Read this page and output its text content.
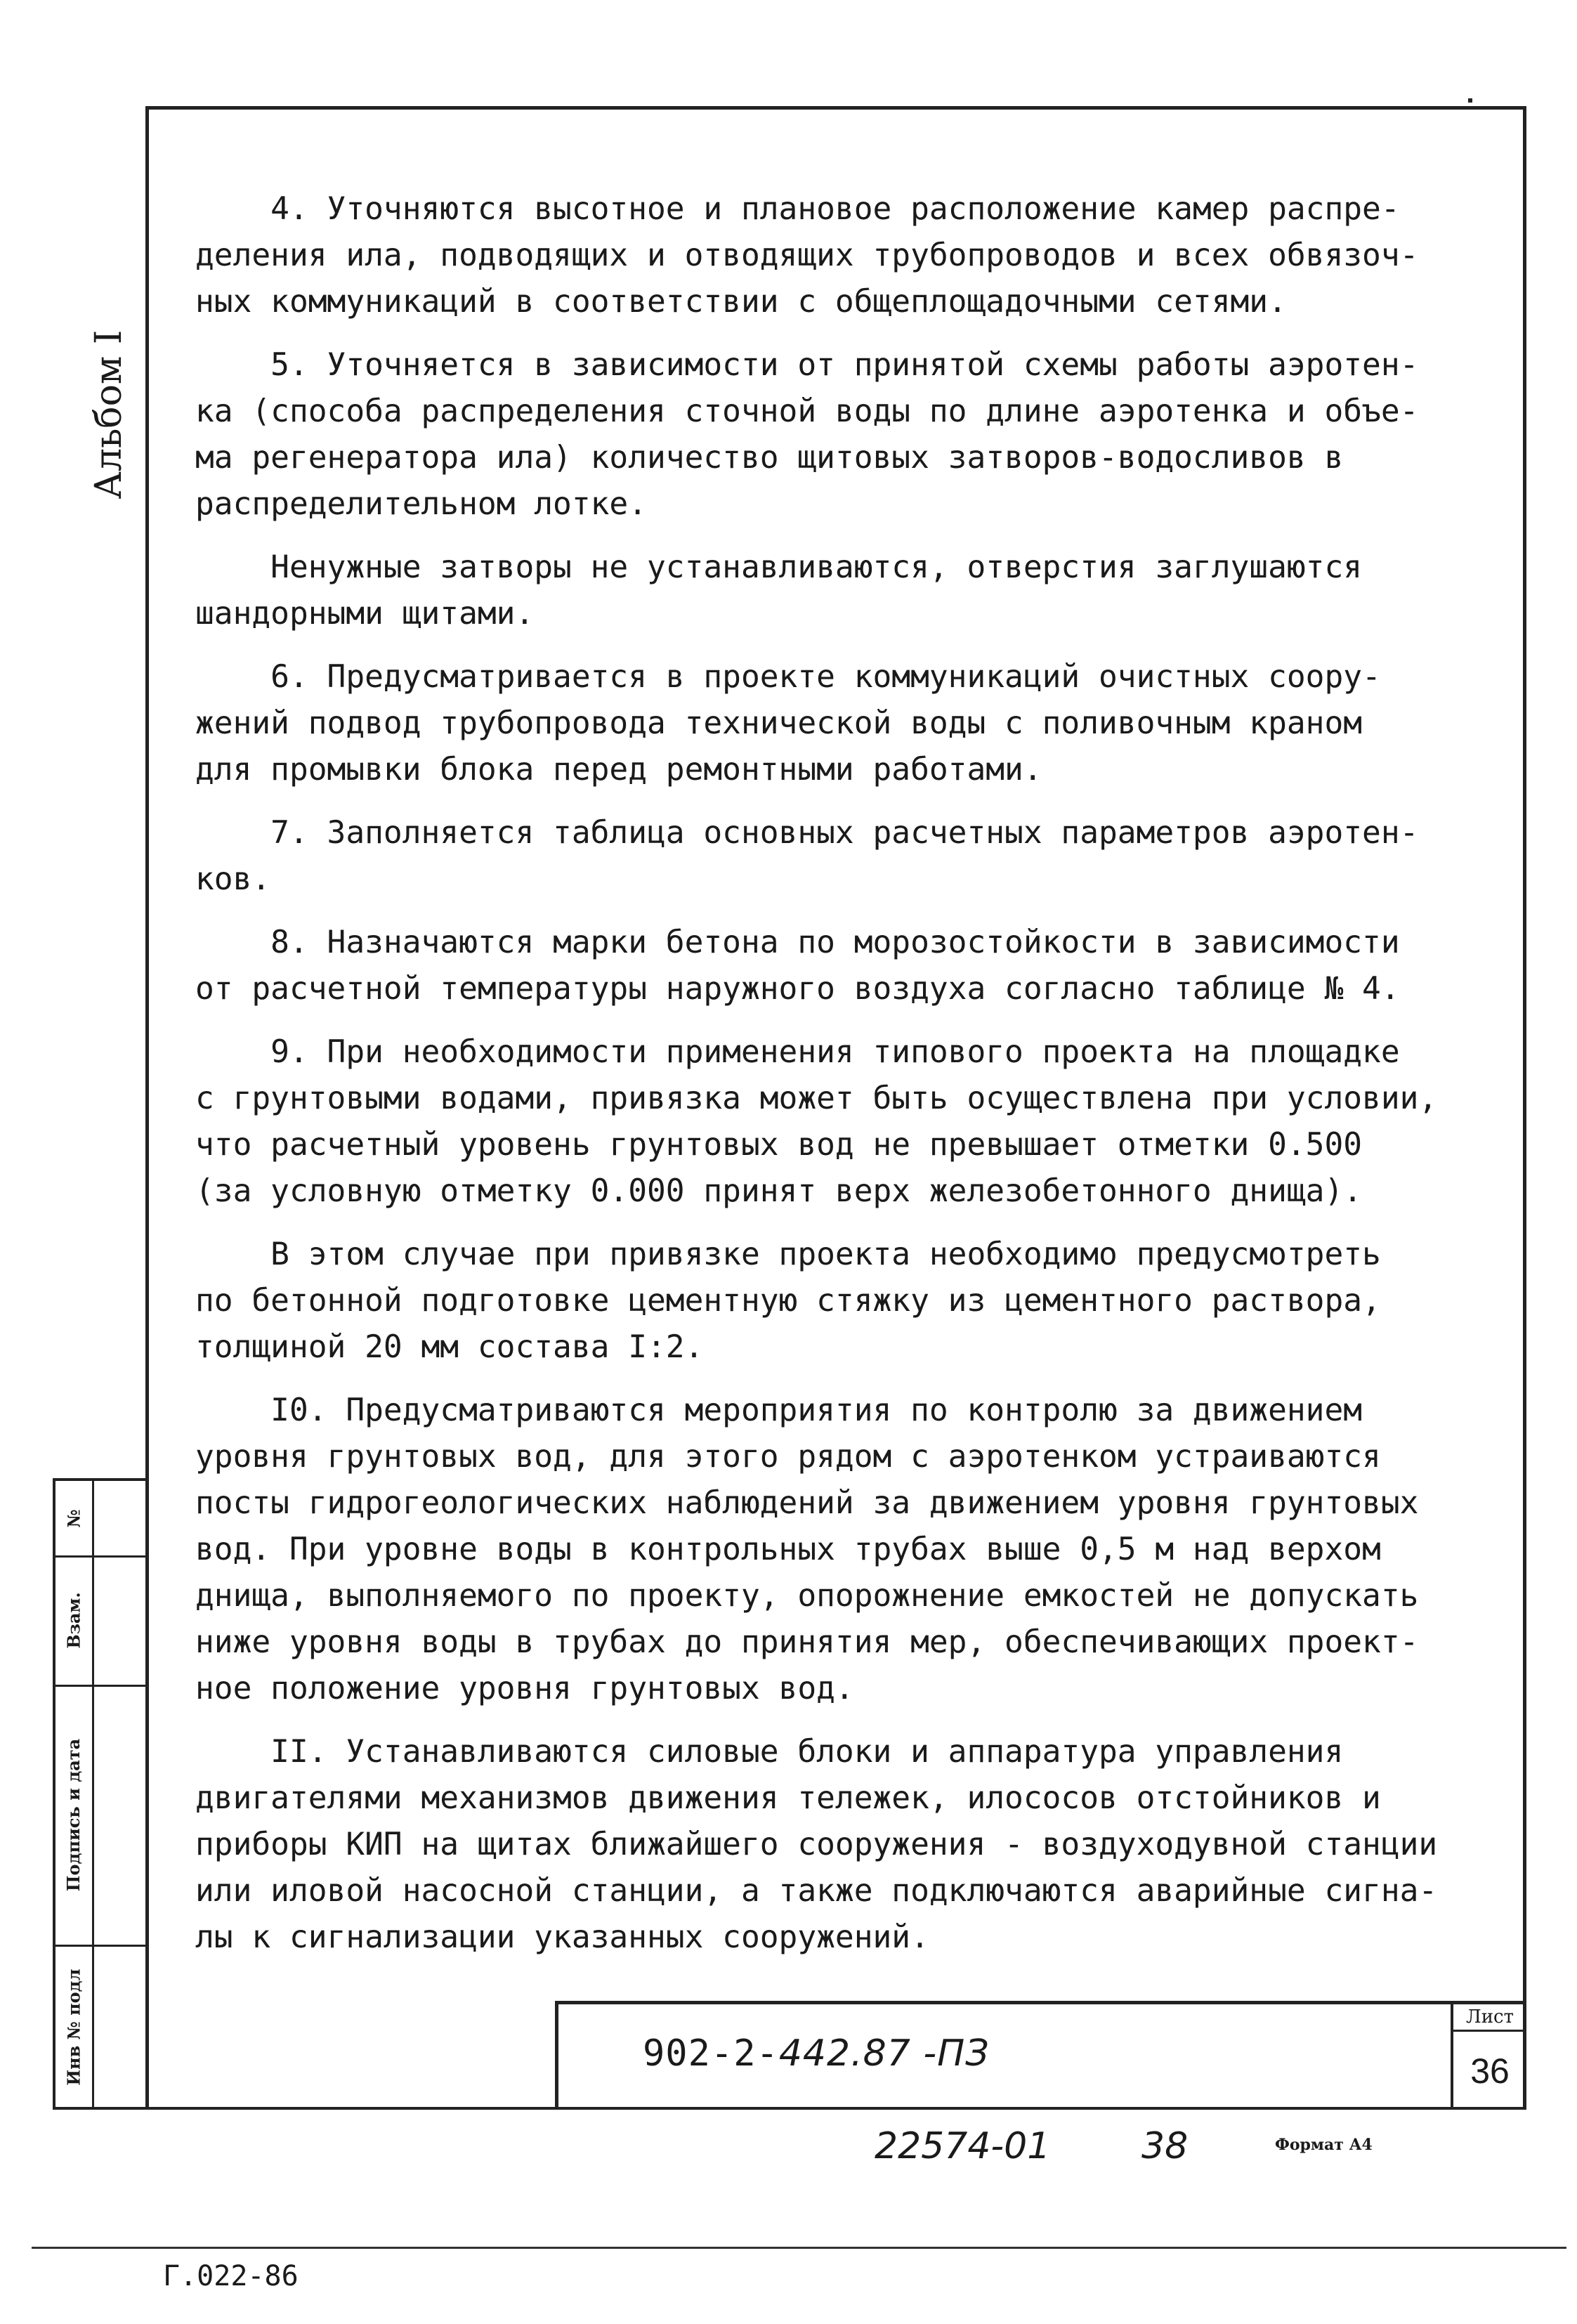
Альбом I

4. Уточняются высотное и плановое расположение камер распре-
деления ила, подводящих и отводящих трубопроводов и всех обвязоч-
ных коммуникаций в соответствии с общеплощадочными сетями.

5. Уточняется в зависимости от принятой схемы работы аэротен-
ка (способа распределения сточной воды по длине аэротенка и объе-
ма регенератора ила) количество щитовых затворов-водосливов в
распределительном лотке.

Ненужные затворы не устанавливаются, отверстия заглушаются
шандорными щитами.

6. Предусматривается в проекте коммуникаций очистных соору-
жений подвод трубопровода технической воды с поливочным краном
для промывки блока перед ремонтными работами.

7. Заполняется таблица основных расчетных параметров аэротен-
ков.

8. Назначаются марки бетона по морозостойкости в зависимости
от расчетной температуры наружного воздуха согласно таблице № 4.

9. При необходимости применения типового проекта на площадке
с грунтовыми водами, привязка может быть осуществлена при условии,
что расчетный уровень грунтовых вод не превышает отметки 0.500
(за условную отметку 0.000 принят верх железобетонного днища).

В этом случае при привязке проекта необходимо предусмотреть
по бетонной подготовке цементную стяжку из цементного раствора,
толщиной 20 мм состава I:2.

I0. Предусматриваются мероприятия по контролю за движением
уровня грунтовых вод, для этого рядом с аэротенком устраиваются
посты гидрогеологических наблюдений за движением уровня грунтовых
вод. При уровне воды в контрольных трубах выше 0,5 м над верхом
днища, выполняемого по проекту, опорожнение емкостей не допускать
ниже уровня воды в трубах до принятия мер, обеспечивающих проект-
ное положение уровня грунтовых вод.

II. Устанавливаются силовые блоки и аппаратура управления
двигателями механизмов движения тележек, илососов отстойников и
приборы КИП на щитах ближайшего сооружения - воздуходувной станции
или иловой насосной станции, а также подключаются аварийные сигна-
лы к сигнализации указанных сооружений.

№
Взам.
Подпись и дата
Инв № подл	902-2-442.87 -ПЗ
Лист
36
22574-01 38	Формат А4
Г.022-86
